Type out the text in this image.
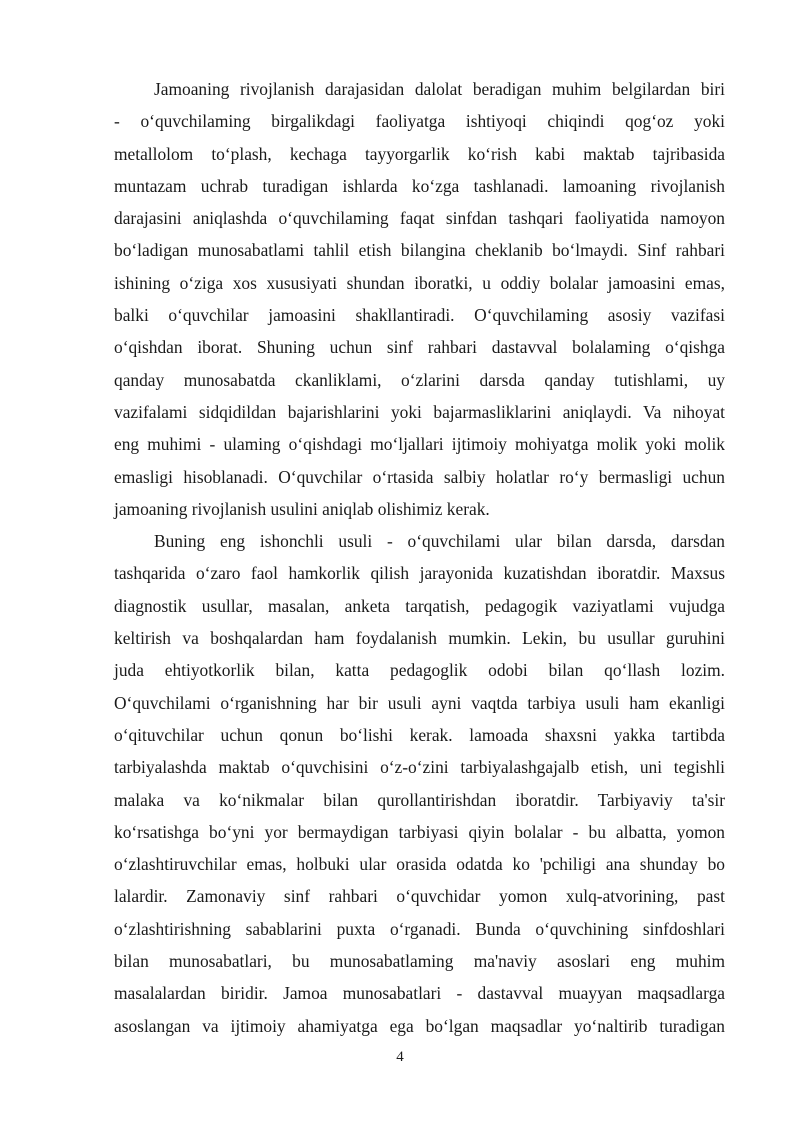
Jamoaning rivojlanish darajasidan dalolat beradigan muhim belgilardan biri
- o‘quvchilaming birgalikdagi faoliyatga ishtiyoqi chiqindi qog‘oz yoki
metallolom to‘plash, kechaga tayyorgarlik ko‘rish kabi maktab tajribasida
muntazam uchrab turadigan ishlarda ko‘zga tashlanadi. lamoaning rivojlanish
darajasini aniqlashda o‘quvchilaming faqat sinfdan tashqari faoliyatida namoyon
bo‘ladigan munosabatlami tahlil etish bilangina cheklanib bo‘lmaydi. Sinf rahbari
ishining o‘ziga xos xususiyati shundan iboratki, u oddiy bolalar jamoasini emas,
balki o‘quvchilar jamoasini shakllantiradi. O‘quvchilaming asosiy vazifasi
o‘qishdan iborat. Shuning uchun sinf rahbari dastavval bolalaming o‘qishga
qanday munosabatda ckanliklami, o‘zlarini darsda qanday tutishlami, uy
vazifalami sidqidildan bajarishlarini yoki bajarmasliklarini aniqlaydi. Va nihoyat
eng muhimi - ulaming o‘qishdagi mo‘ljallari ijtimoiy mohiyatga molik yoki molik
emasligi hisoblanadi. O‘quvchilar o‘rtasida salbiy holatlar ro‘y bermasligi uchun
jamoaning rivojlanish usulini aniqlab olishimiz kerak.
Buning eng ishonchli usuli - o‘quvchilami ular bilan darsda, darsdan
tashqarida o‘zaro faol hamkorlik qilish jarayonida kuzatishdan iboratdir. Maxsus
diagnostik usullar, masalan, anketa tarqatish, pedagogik vaziyatlami vujudga
keltirish va boshqalardan ham foydalanish mumkin. Lekin, bu usullar guruhini
juda ehtiyotkorlik bilan, katta pedagoglik odobi bilan qo‘llash lozim.
O‘quvchilami o‘rganishning har bir usuli ayni vaqtda tarbiya usuli ham ekanligi
o‘qituvchilar uchun qonun bo‘lishi kerak. lamoada shaxsni yakka tartibda
tarbiyalashda maktab o‘quvchisini o‘z-o‘zini tarbiyalashgajalb etish, uni tegishli
malaka va ko‘nikmalar bilan qurollantirishdan iboratdir. Tarbiyaviy ta'sir
ko‘rsatishga bo‘yni yor bermaydigan tarbiyasi qiyin bolalar - bu albatta, yomon
o‘zlashtiruvchilar emas, holbuki ular orasida odatda ko 'pchiligi ana shunday bo
lalardir. Zamonaviy sinf rahbari o‘quvchidar yomon xulq-atvorining, past
o‘zlashtirishning sabablarini puxta o‘rganadi. Bunda o‘quvchining sinfdoshlari
bilan munosabatlari, bu munosabatlaming ma'naviy asoslari eng muhim
masalalardan biridir. Jamoa munosabatlari - dastavval muayyan maqsadlarga
asoslangan va ijtimoiy ahamiyatga ega bo‘lgan maqsadlar yo‘naltirib turadigan
4
